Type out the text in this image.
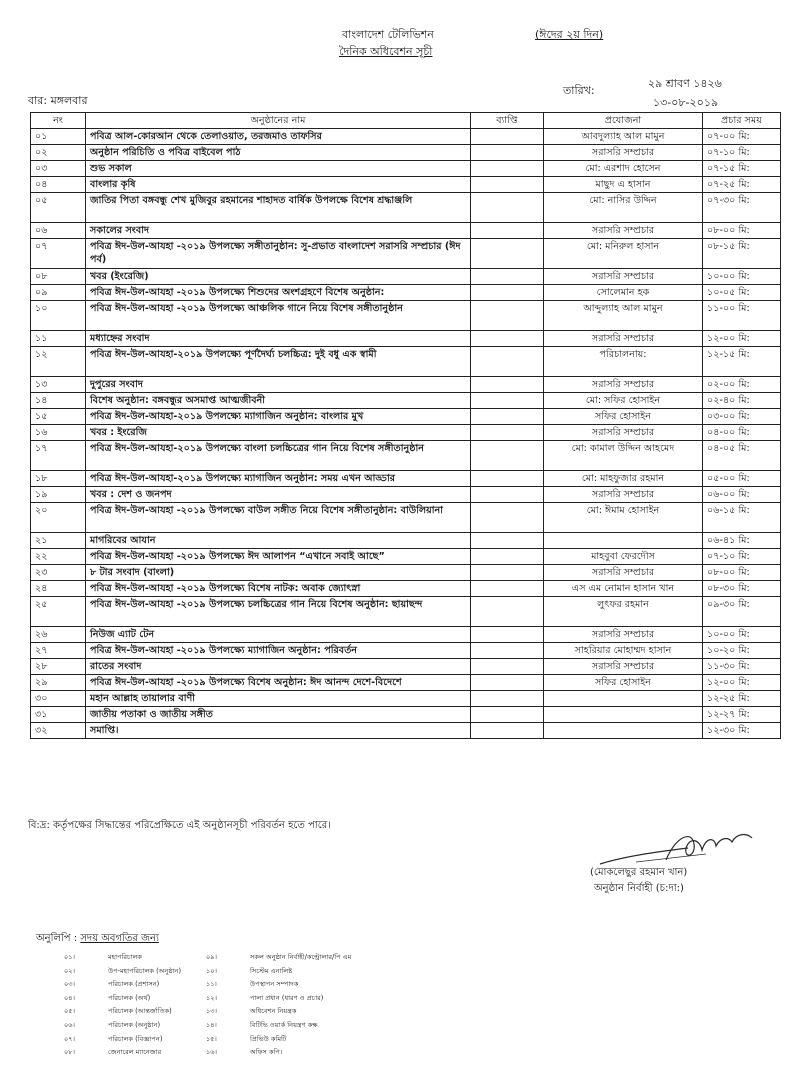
বাংলাদেশ টেলিভিশন
দৈনিক অধিবেশন সূচী
(ঈদের ২য় দিন)
বার: মঙ্গলবার
তারিখ:
২৯ শ্রাবণ ১৪২৬
১৩-০৮-২০১৯
নং	অনুষ্ঠানের নাম	ব্যাপ্তি	প্রযোজনা	প্রচার সময়
০১	পবিত্র আল-কোরআন থেকে তেলাওয়াত, তরজমাও তাফসির		আবদুল্যাহ আল মামুন	০৭-০০ মি:
০২	অনুষ্ঠান পরিচিতি ও পবিত্র বাইবেল পাঠ		সরাসরি সম্প্রচার	০৭-১০ মি:
০৩	শুভ সকাল		মো: এরশাদ হোসেন	০৭-১৫ মি:
০৪	বাংলার কৃষি		মাছুদ এ হাসান	০৭-২৫ মি:
০৫	জাতির পিতা বঙ্গবন্ধু শেখ মুজিবুর রহমানের শাহাদত বার্ষিক উপলক্ষে বিশেষ শ্রদ্ধাঞ্জলি		মো: নাসির উদ্দিন	০৭-৩০ মি:
০৬	সকালের সংবাদ		সরাসরি সম্প্রচার	০৮-০০ মি:
০৭	পবিত্র ঈদ-উল-আযহা -২০১৯ উপলক্ষ্যে সঙ্গীতানুষ্ঠান: সু-প্রভাত বাংলাদেশ সরাসরি সম্প্রচার (ঈদ পর্ব)		মো: মনিরুল হাসান	০৮-১৫ মি:
০৮	খবর (ইংরেজি)		সরাসরি সম্প্রচার	১০-০০ মি:
০৯	পবিত্র ঈদ-উল-আযহা -২০১৯ উপলক্ষ্যে শিশুদের অংশগ্রহণে বিশেষ অনুষ্ঠান:		সোলেমান হক	১০-০৫ মি:
১০	পবিত্র ঈদ-উল-আযহা -২০১৯ উপলক্ষ্যে আঞ্চলিক গানে নিয়ে বিশেষ সঙ্গীতানুষ্ঠান		আব্দুল্যাহ আল মামুন	১১-০০ মি:
১১	মধ্যাহ্নের সংবাদ		সরাসরি সম্প্রচার	১২-০০ মি:
১২	পবিত্র ঈদ-উল-আযহা-২০১৯ উপলক্ষ্যে পূর্ণদৈর্ঘ্য চলচ্চিত্র: দুই বধু এক স্বামী		পরিচালনায়:	১২-১৫ মি:
১৩	দুপুরের সংবাদ		সরাসরি সম্প্রচার	০২-০০ মি:
১৪	বিশেষ অনুষ্ঠান: বঙ্গবন্ধুর অসমাপ্ত আত্মজীবনী		মো: সফির হোসাইন	০২-৪০ মি:
১৫	পবিত্র ঈদ-উল-আযহা-২০১৯ উপলক্ষ্যে ম্যাগাজিন অনুষ্ঠান: বাংলার মুখ		সফির হোসাইন	০৩-০০ মি:
১৬	খবর : ইংরেজি		সরাসরি সম্প্রচার	০৪-০০ মি:
১৭	পবিত্র ঈদ-উল-আযহা-২০১৯ উপলক্ষ্যে বাংলা চলচ্চিত্রের গান নিয়ে বিশেষ সঙ্গীতানুষ্ঠান		মো: কামাল উদ্দিন আহমেদ	০৪-০৫ মি:
১৮	পবিত্র ঈদ-উল-আযহা-২০১৯ উপলক্ষ্যে ম্যাগাজিন অনুষ্ঠান: সময় এখন আড্ডার		মো: মাহফুজার রহমান	০৫-০০ মি:
১৯	খবর : দেশ ও জনপদ		সরাসরি সম্প্রচার	০৬-০০ মি:
২০	পবিত্র ঈদ-উল-আযহা -২০১৯ উপলক্ষ্যে বাউল সঙ্গীত নিয়ে বিশেষ সঙ্গীতানুষ্ঠান: বাউলিয়ানা		মো: ঈমাম হোসাইন	০৬-১৫ মি:
২১	মাগরিবের আযান			০৬-৪১ মি:
২২	পবিত্র ঈদ-উল-আযহা -২০১৯ উপলক্ষ্যে ঈদ আলাপন “এখানে সবাই আছে”		মাহবুবা ফেরদৌস	০৭-১০ মি:
২৩	৮ টার সংবাদ (বাংলা)		সরাসরি সম্প্রচার	০৮-০০ মি:
২৪	পবিত্র ঈদ-উল-আযহা -২০১৯ উপলক্ষ্যে বিশেষ নাটক: অবাক জ্যোৎস্না		এস এম নোমান হাসান খান	০৮-৩০ মি:
২৫	পবিত্র ঈদ-উল-আযহা -২০১৯ উপলক্ষ্যে চলচ্চিত্রের গান নিয়ে বিশেষ অনুষ্ঠান: ছায়াছন্দ		লুৎফর রহমান	০৯-৩০ মি:
২৬	নিউজ এ্যাট টেন		সরাসরি সম্প্রচার	১০-০০ মি:
২৭	পবিত্র ঈদ-উল-আযহা -২০১৯ উপলক্ষ্যে ম্যাগাজিন অনুষ্ঠান: পরিবর্তন		সাহরিয়ার মোহাম্মদ হাসান	১০-২০ মি:
২৮	রাতের সংবাদ		সরাসরি সম্প্রচার	১১-৩০ মি:
২৯	পবিত্র ঈদ-উল-আযহা -২০১৯ উপলক্ষ্যে বিশেষ অনুষ্ঠান: ঈদ আনন্দ দেশে-বিদেশে		সফির হোসাইন	১২-০০ মি:
৩০	মহান আল্লাহ তায়ালার বাণী			১২-২৫ মি:
৩১	জাতীয় পতাকা ও জাতীয় সঙ্গীত			১২-২৭ মি:
৩২	সমাপ্তি।			১২-৩০ মি:
বি:দ্র: কর্তৃপক্ষের সিদ্ধান্তের পরিপ্রেক্ষিতে এই অনুষ্ঠানসূচী পরিবর্তন হতে পারে।
(মোকলেছুর রহমান খান)
অনুষ্ঠান নির্বাহী (চ:দা:)
অনুলিপি : সদয় অবগতির জন্য
০১।	মহাপরিচালক
০২।	উপ-মহাপরিচালক (অনুষ্ঠান)
০৩।	পরিচালক (প্রশাসন)
০৪।	পরিচালক (অর্থ)
০৫।	পরিচালক (আন্তর্জাতিক)
০৬।	পরিচালক (অনুষ্ঠান)
০৭।	পরিচালক (বিজ্ঞাপন)
০৮।	জেনারেল ম্যানেজার
০৯।	সকল অনুষ্ঠান নির্বাহী/কন্ট্রোলার/পি এম
১০।	সিস্টেম এনালিষ্ট
১১।	উপস্থাপন সম্পাদক
১২।	পালা প্রধান (ধারণ ও প্রচার)
১৩।	অধিবেশন নিয়ন্ত্রক
১৪।	বিটিভি ওয়ার্ক নিয়ন্ত্রণ কক্ষ
১৫।	প্রিভিউ কমিটি
১৬।	অফিস কপি।
